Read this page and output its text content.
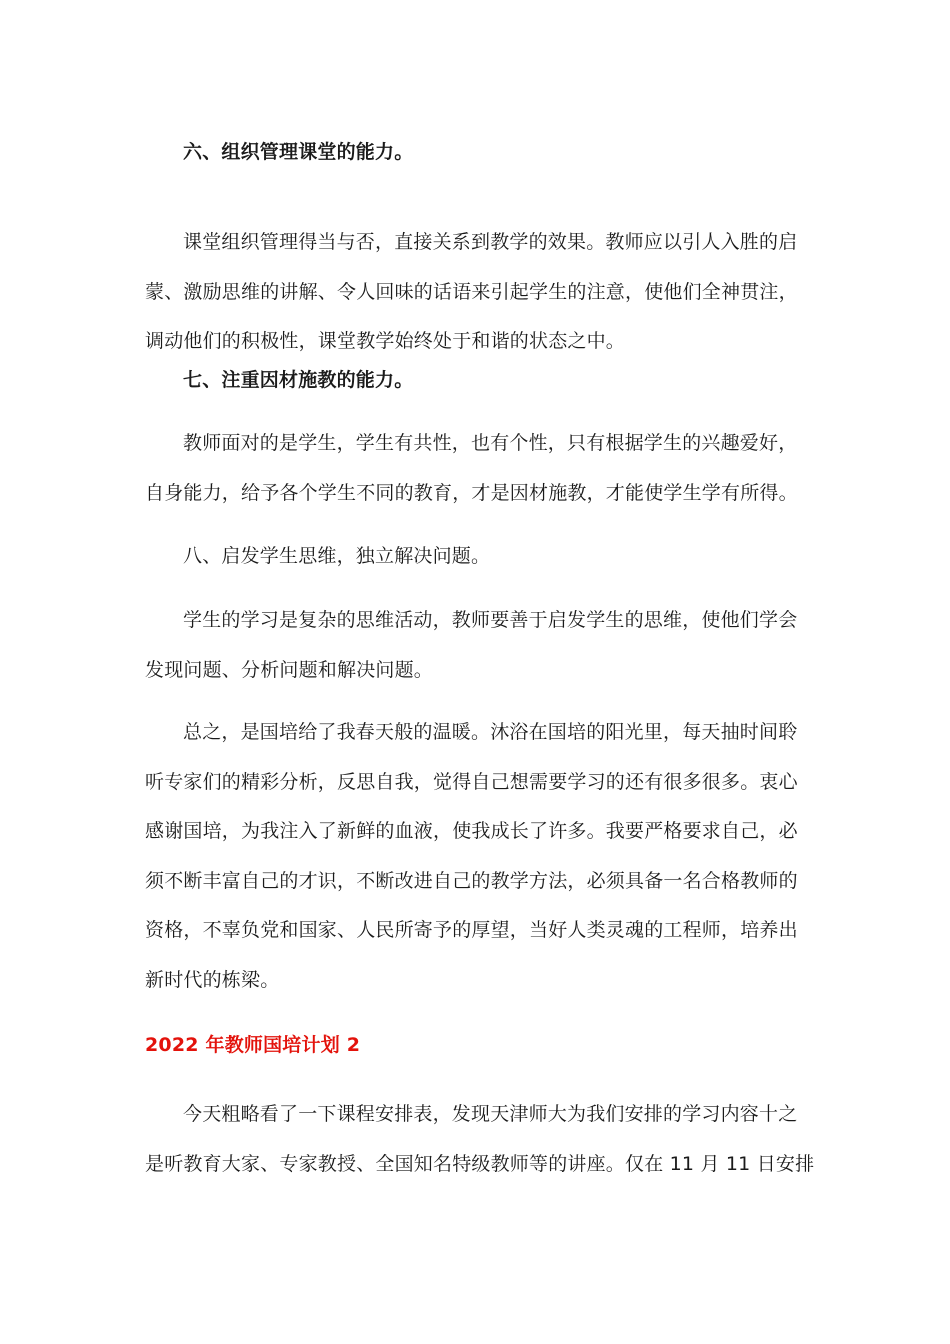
六、组织管理课堂的能力。
课堂组织管理得当与否，直接关系到教学的效果。教师应以引人入胜的启
蒙、激励思维的讲解、令人回味的话语来引起学生的注意，使他们全神贯注，
调动他们的积极性，课堂教学始终处于和谐的状态之中。
七、注重因材施教的能力。
教师面对的是学生，学生有共性，也有个性，只有根据学生的兴趣爱好，
自身能力，给予各个学生不同的教育，才是因材施教，才能使学生学有所得。
八、启发学生思维，独立解决问题。
学生的学习是复杂的思维活动，教师要善于启发学生的思维，使他们学会
发现问题、分析问题和解决问题。
总之，是国培给了我春天般的温暖。沐浴在国培的阳光里，每天抽时间聆
听专家们的精彩分析，反思自我，觉得自己想需要学习的还有很多很多。衷心
感谢国培，为我注入了新鲜的血液，使我成长了许多。我要严格要求自己，必
须不断丰富自己的才识，不断改进自己的教学方法，必须具备一名合格教师的
资格，不辜负党和国家、人民所寄予的厚望，当好人类灵魂的工程师，培养出
新时代的栋梁。
2022 年教师国培计划 2
今天粗略看了一下课程安排表，发现天津师大为我们安排的学习内容十之
是听教育大家、专家教授、全国知名特级教师等的讲座。仅在 11 月 11 日安排
